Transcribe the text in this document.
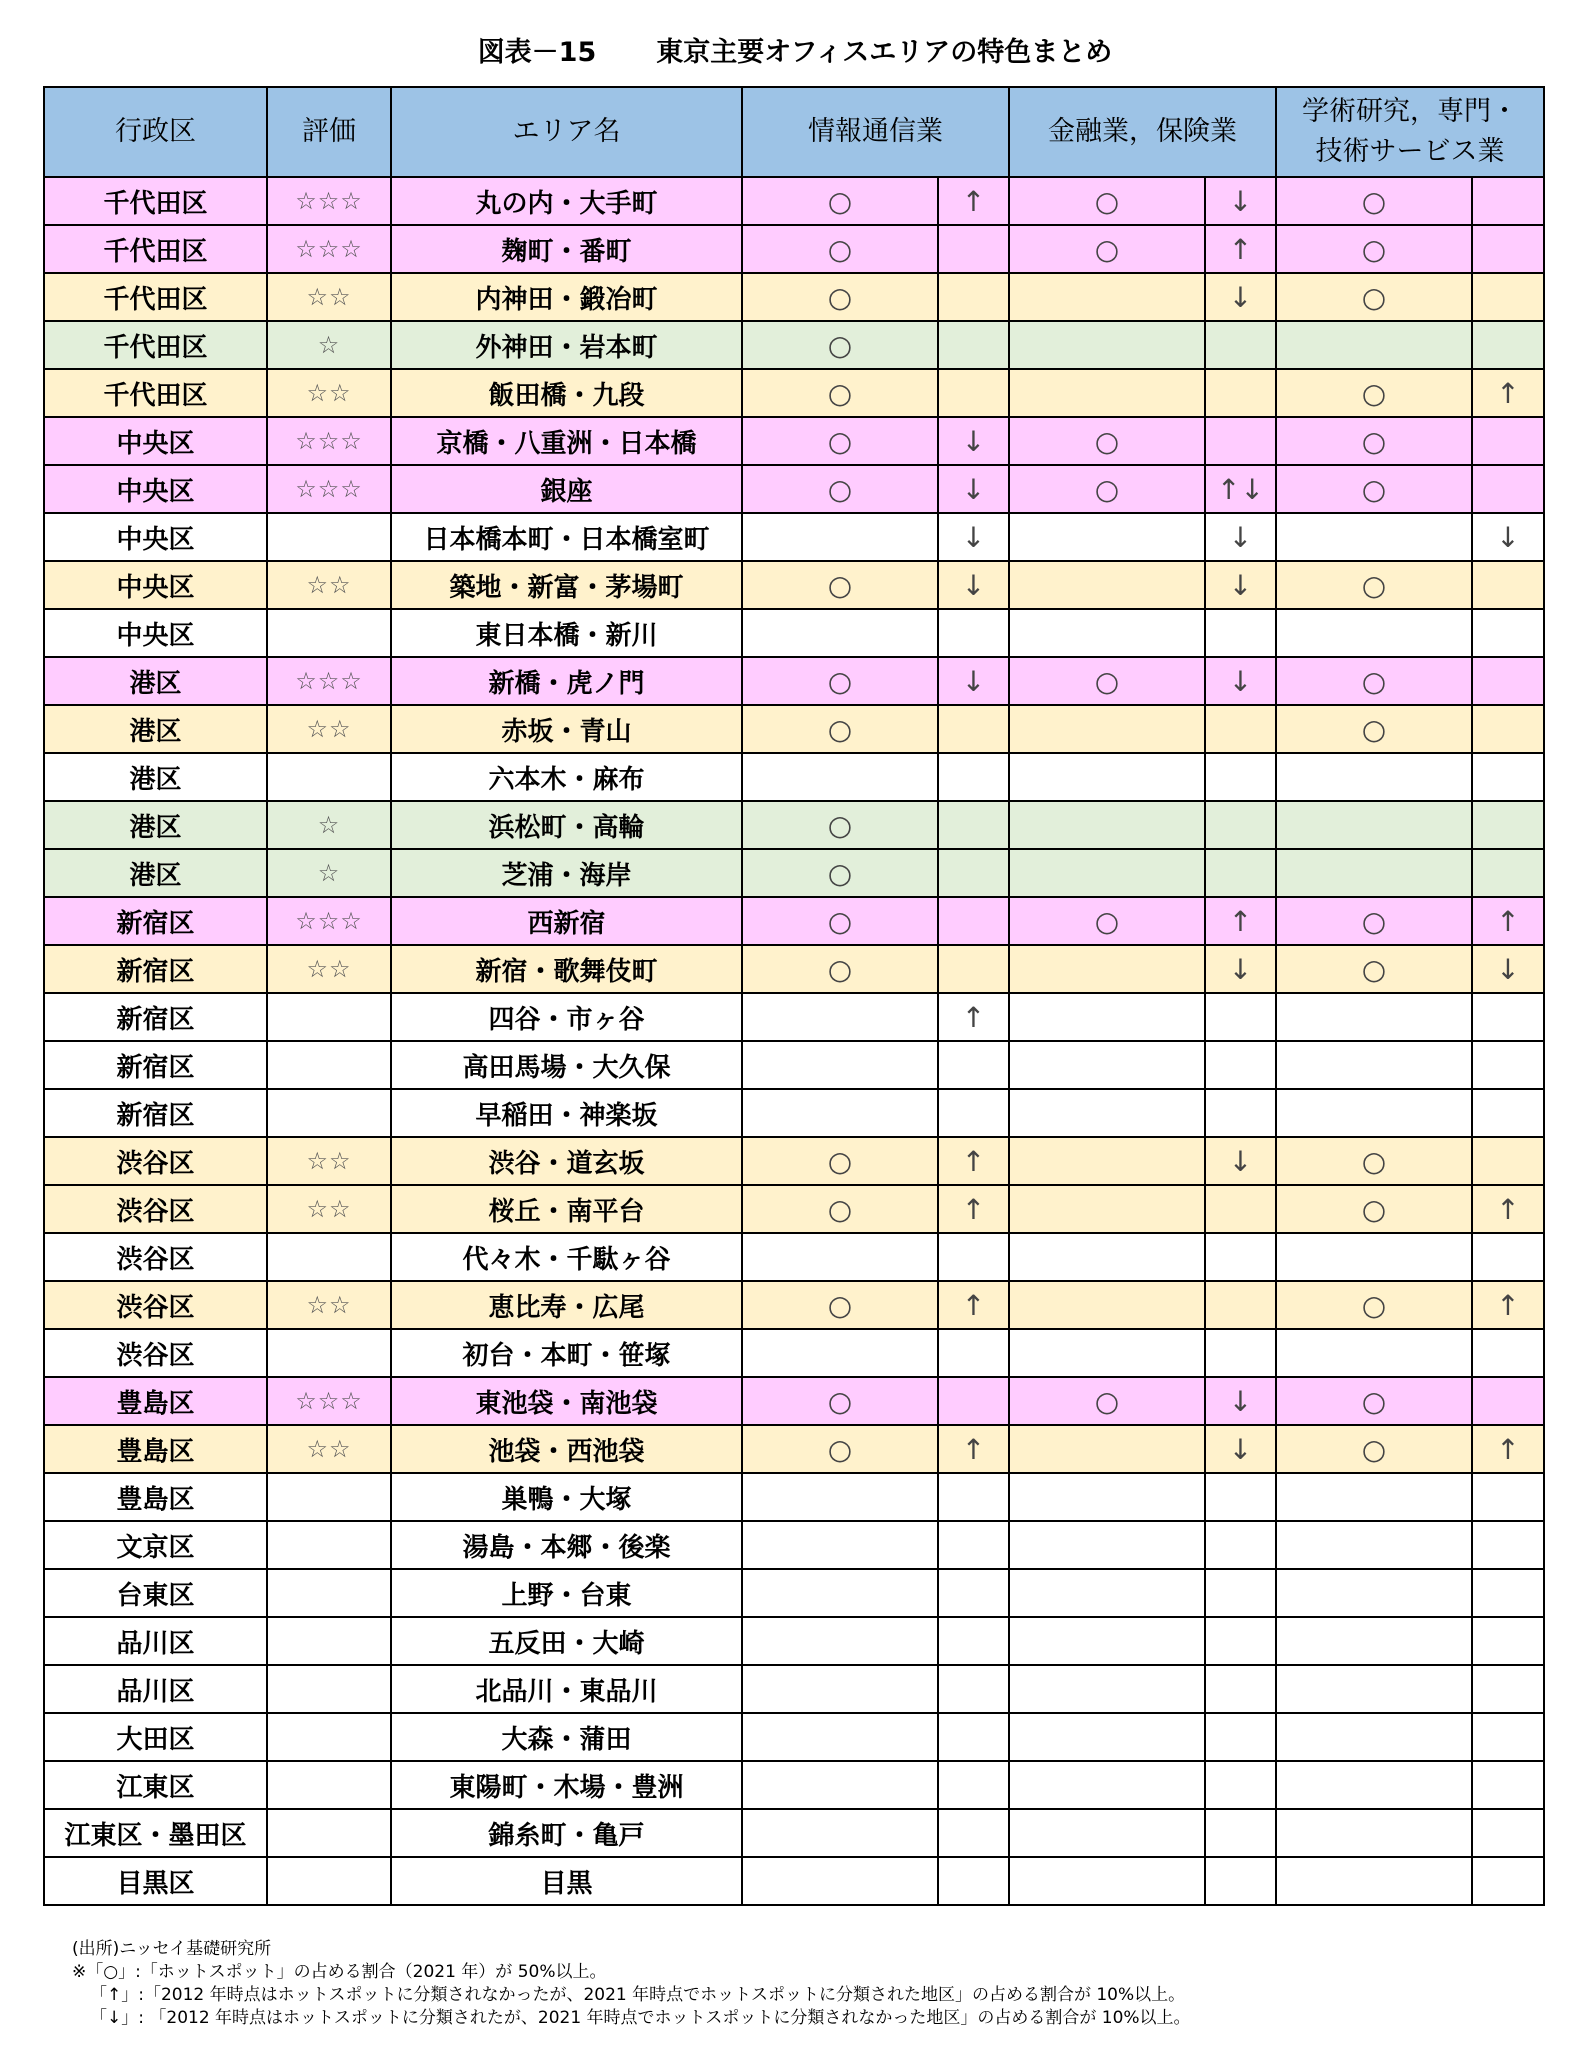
図表－15 東京主要オフィスエリアの特色まとめ
行政区	評価	エリア名	情報通信業		金融業，保険業		学術研究，専門・
技術サービス業	

千代田区	☆☆☆	丸の内・大手町	○	↑	○	↓	○	
千代田区	☆☆☆	麹町・番町	○		○	↑	○	
千代田区	☆☆	内神田・鍛冶町	○			↓	○	
千代田区	☆	外神田・岩本町	○					
千代田区	☆☆	飯田橋・九段	○				○	↑
中央区	☆☆☆	京橋・八重洲・日本橋	○	↓	○		○	
中央区	☆☆☆	銀座	○	↓	○	↑↓	○	
中央区		日本橋本町・日本橋室町		↓		↓		↓
中央区	☆☆	築地・新富・茅場町	○	↓		↓	○	
中央区		東日本橋・新川						
港区	☆☆☆	新橋・虎ノ門	○	↓	○	↓	○	
港区	☆☆	赤坂・青山	○				○	
港区		六本木・麻布						
港区	☆	浜松町・高輪	○					
港区	☆	芝浦・海岸	○					
新宿区	☆☆☆	西新宿	○		○	↑	○	↑
新宿区	☆☆	新宿・歌舞伎町	○			↓	○	↓
新宿区		四谷・市ヶ谷		↑				
新宿区		高田馬場・大久保						
新宿区		早稲田・神楽坂						
渋谷区	☆☆	渋谷・道玄坂	○	↑		↓	○	
渋谷区	☆☆	桜丘・南平台	○	↑			○	↑
渋谷区		代々木・千駄ヶ谷						
渋谷区	☆☆	恵比寿・広尾	○	↑			○	↑
渋谷区		初台・本町・笹塚						
豊島区	☆☆☆	東池袋・南池袋	○		○	↓	○	
豊島区	☆☆	池袋・西池袋	○	↑		↓	○	↑
豊島区		巣鴨・大塚						
文京区		湯島・本郷・後楽						
台東区		上野・台東						
品川区		五反田・大崎						
品川区		北品川・東品川						
大田区		大森・蒲田						
江東区		東陽町・木場・豊洲						
江東区・墨田区		錦糸町・亀戸						
目黒区		目黒						
(出所)ニッセイ基礎研究所
※「○」:「ホットスポット」の占める割合（2021 年）が 50%以上。
「↑」:「2012 年時点はホットスポットに分類されなかったが、2021 年時点でホットスポットに分類された地区」の占める割合が 10%以上。
「↓」: 「2012 年時点はホットスポットに分類されたが、2021 年時点でホットスポットに分類されなかった地区」の占める割合が 10%以上。
